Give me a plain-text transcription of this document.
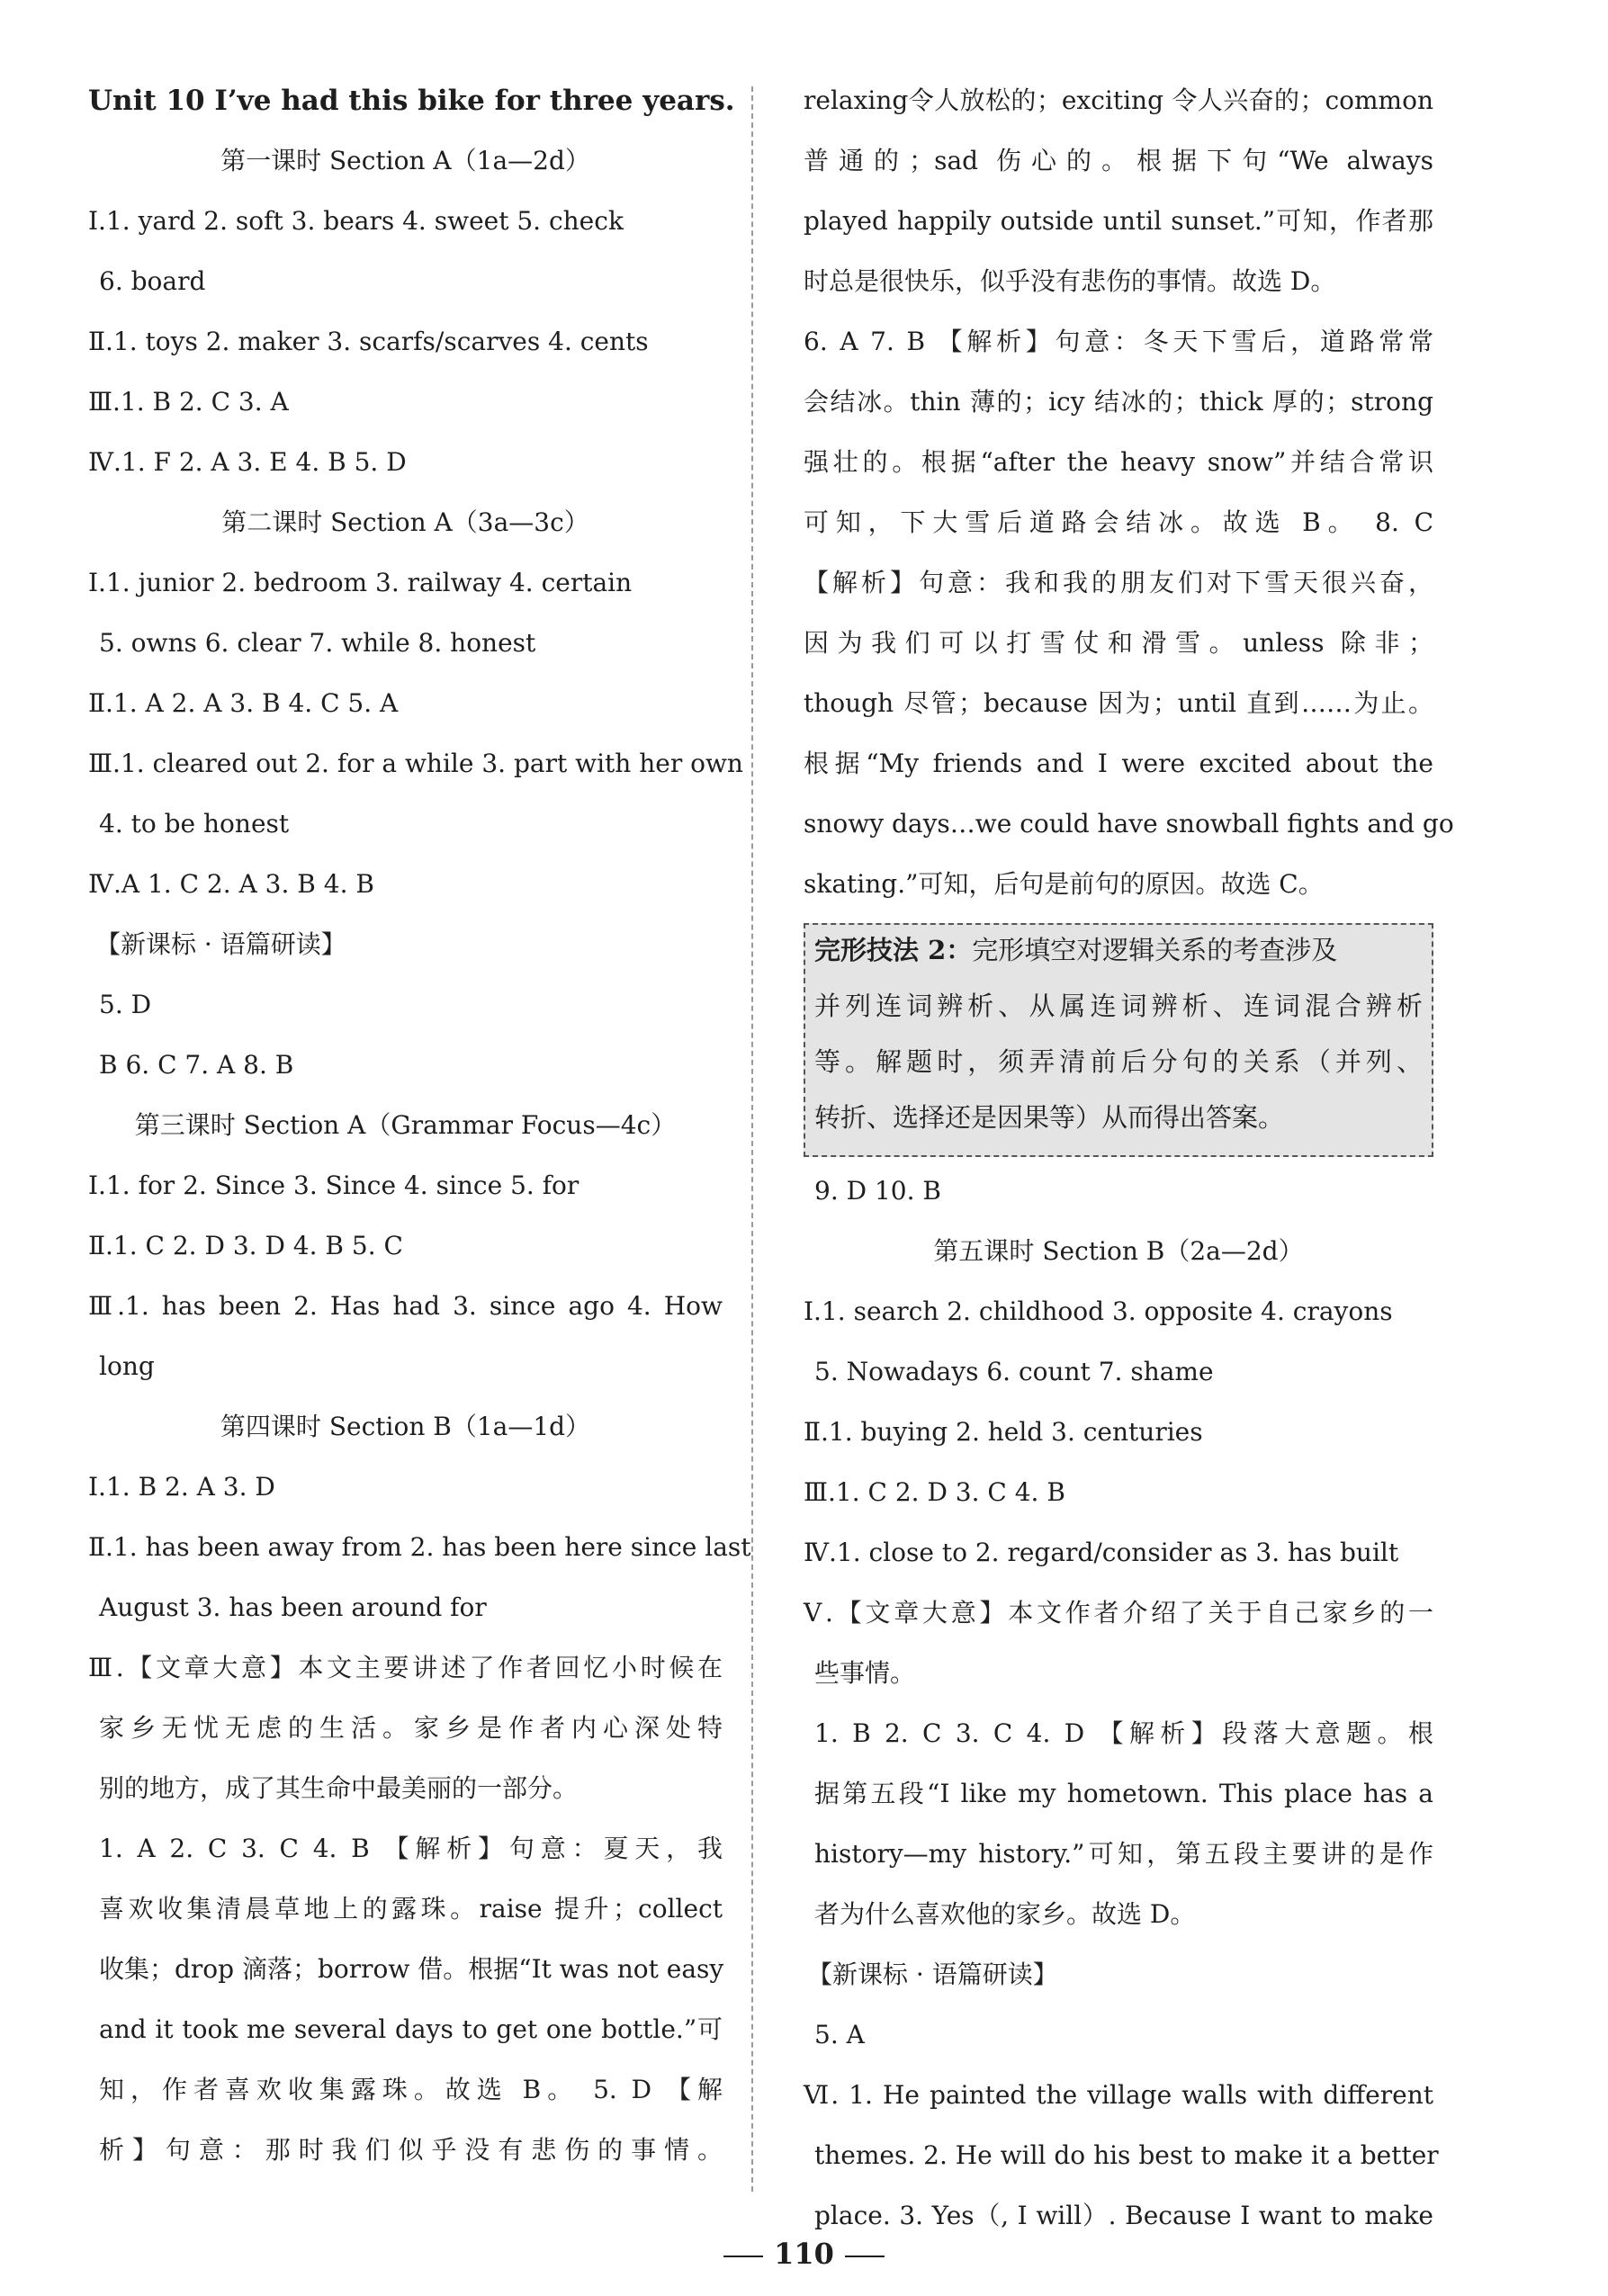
Unit 10 I’ve had this bike for three years.
第一课时 Section A（1a—2d）
Ⅰ.1. yard 2. soft 3. bears 4. sweet 5. check
6. board
Ⅱ.1. toys 2. maker 3. scarfs/scarves 4. cents
Ⅲ.1. B 2. C 3. A
Ⅳ.1. F 2. A 3. E 4. B 5. D
第二课时 Section A（3a—3c）
Ⅰ.1. junior 2. bedroom 3. railway 4. certain
5. owns 6. clear 7. while 8. honest
Ⅱ.1. A 2. A 3. B 4. C 5. A
Ⅲ.1. cleared out 2. for a while 3. part with her own
4. to be honest
Ⅳ.A 1. C 2. A 3. B 4. B
【新课标 · 语篇研读】
5. D
B 6. C 7. A 8. B
第三课时 Section A（Grammar Focus—4c）
Ⅰ.1. for 2. Since 3. Since 4. since 5. for
Ⅱ.1. C 2. D 3. D 4. B 5. C
Ⅲ.1. has been 2. Has had 3. since ago 4. How
long
第四课时 Section B（1a—1d）
Ⅰ.1. B 2. A 3. D
Ⅱ.1. has been away from 2. has been here since last
August 3. has been around for
Ⅲ.【文章大意】本文主要讲述了作者回忆小时候在
家乡无忧无虑的生活。家乡是作者内心深处特
别的地方，成了其生命中最美丽的一部分。
1. A 2. C 3. C 4. B 【解析】句意：夏天，我
喜欢收集清晨草地上的露珠。raise 提升；collect
收集；drop 滴落；borrow 借。根据“It was not easy
and it took me several days to get one bottle.”可
知，作者喜欢收集露珠。故选 B。 5. D 【解
析】句意：那时我们似乎没有悲伤的事情。
relaxing令人放松的；exciting 令人兴奋的；common
普通的；sad 伤心的。根据下句“We always
played happily outside until sunset.”可知，作者那
时总是很快乐，似乎没有悲伤的事情。故选 D。
6. A 7. B 【解析】句意：冬天下雪后，道路常常
会结冰。thin 薄的；icy 结冰的；thick 厚的；strong
强壮的。根据“after the heavy snow”并结合常识
可知，下大雪后道路会结冰。故选 B。 8. C
【解析】句意：我和我的朋友们对下雪天很兴奋，
因为我们可以打雪仗和滑雪。unless 除非；
though 尽管；because 因为；until 直到……为止。
根据“My friends and I were excited about the
snowy days…we could have snowball fights and go
skating.”可知，后句是前句的原因。故选 C。
完形技法 2：完形填空对逻辑关系的考查涉及
并列连词辨析、从属连词辨析、连词混合辨析
等。解题时，须弄清前后分句的关系（并列、
转折、选择还是因果等）从而得出答案。
9. D 10. B
第五课时 Section B（2a—2d）
Ⅰ.1. search 2. childhood 3. opposite 4. crayons
5. Nowadays 6. count 7. shame
Ⅱ.1. buying 2. held 3. centuries
Ⅲ.1. C 2. D 3. C 4. B
Ⅳ.1. close to 2. regard/consider as 3. has built
Ⅴ.【文章大意】本文作者介绍了关于自己家乡的一
些事情。
1. B 2. C 3. C 4. D 【解析】段落大意题。根
据第五段“I like my hometown. This place has a
history—my history.”可知，第五段主要讲的是作
者为什么喜欢他的家乡。故选 D。
【新课标 · 语篇研读】
5. A
Ⅵ. 1. He painted the village walls with different
themes. 2. He will do his best to make it a better
place. 3. Yes（, I will）. Because I want to make
110
